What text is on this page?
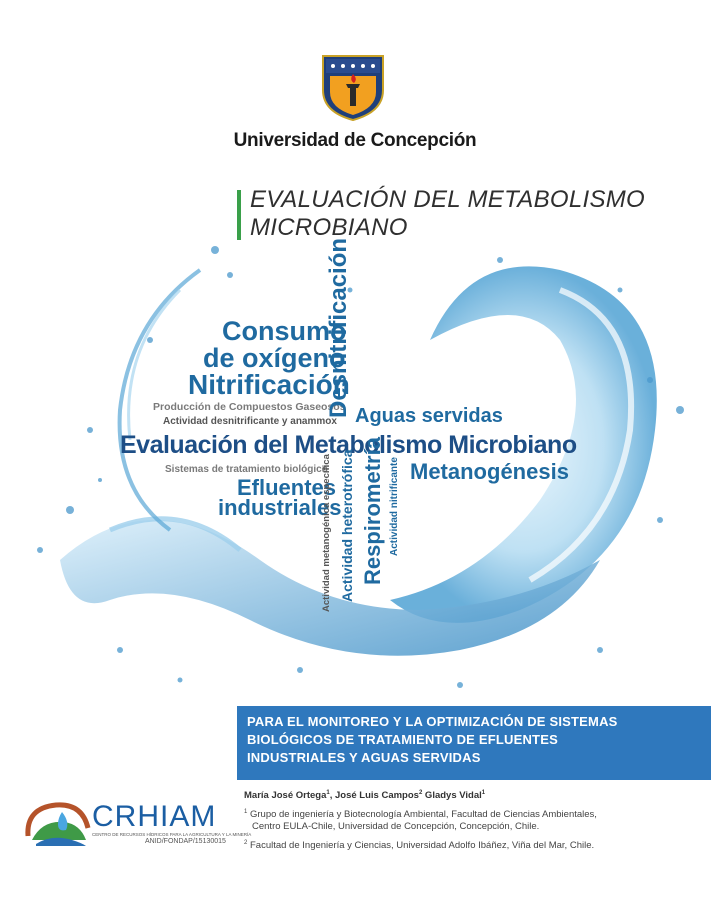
Universidad de Concepción
EVALUACIÓN DEL METABOLISMO
MICROBIANO
Consumo
de oxígeno
Nitrificación
Producción de Compuestos Gaseosos
Actividad desnitrificante y anammox
Desnitrificación Aguas servidas
Evaluación del Metabolismo Microbiano
Sistemas de tratamiento biológico
Efluentes
industriales
Metanogénesis
Actividad metanogénica específica Actividad heterotrófica Respirometría Actividad nitrificante
PARA EL MONITOREO Y LA OPTIMIZACIÓN DE SISTEMAS
BIOLÓGICOS DE TRATAMIENTO DE EFLUENTES
INDUSTRIALES Y AGUAS SERVIDAS
CRHIAM
CENTRO DE RECURSOS HÍDRICOS PARA LA AGRICULTURA Y LA MINERÍA
ANID/FONDAP/15130015
María José Ortega$^1$, José Luis Campos$^2$ Gladys Vidal$^1$
$^1$ Grupo de ingeniería y Biotecnología Ambiental, Facultad de Ciencias Ambientales,
Centro EULA-Chile, Universidad de Concepción, Concepción, Chile.
$^2$ Facultad de Ingeniería y Ciencias, Universidad Adolfo Ibáñez, Viña del Mar, Chile.
